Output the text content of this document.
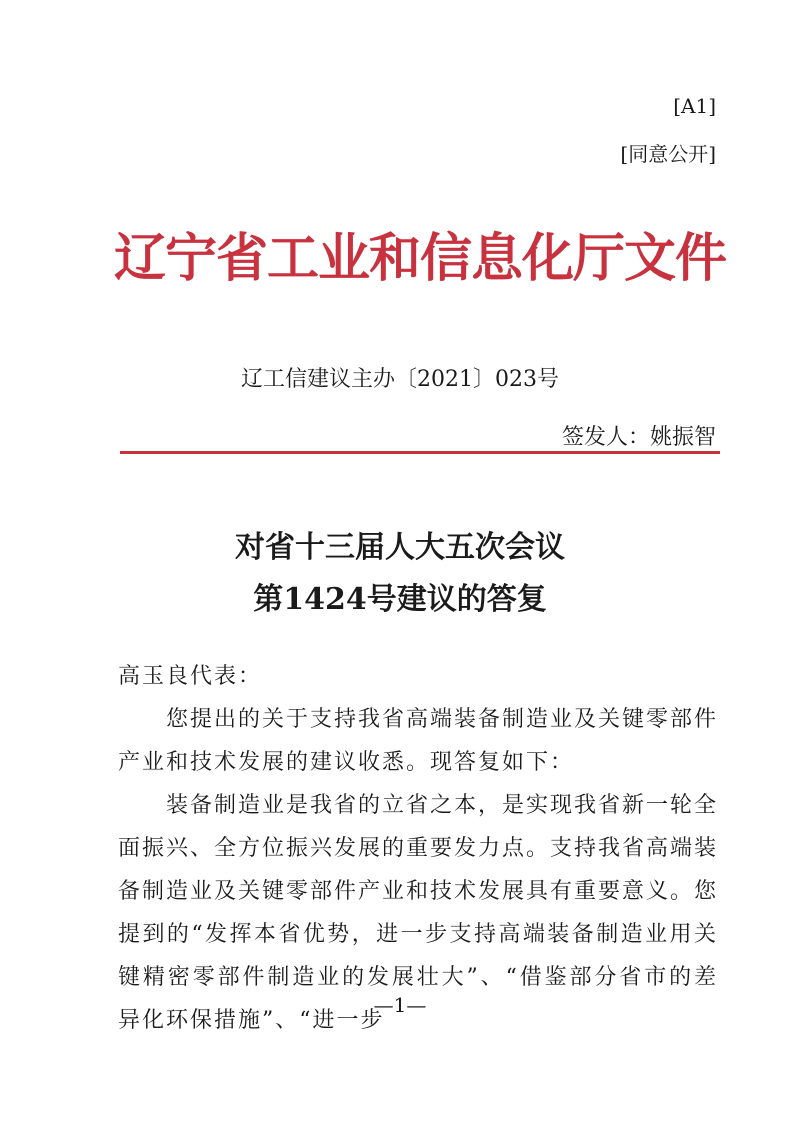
[A1]
[同意公开]
辽宁省工业和信息化厅文件
辽工信建议主办〔2021〕023号
签发人：姚振智
对省十三届人大五次会议
第1424号建议的答复

高玉良代表：

您提出的关于支持我省高端装备制造业及关键零部件产业和技术发展的建议收悉。现答复如下：

装备制造业是我省的立省之本，是实现我省新一轮全面振兴、全方位振兴发展的重要发力点。支持我省高端装备制造业及关键零部件产业和技术发展具有重要意义。您提到的“发挥本省优势，进一步支持高端装备制造业用关键精密零部件制造业的发展壮大”、“借鉴部分省市的差异化环保措施”、“进一步

—1—
